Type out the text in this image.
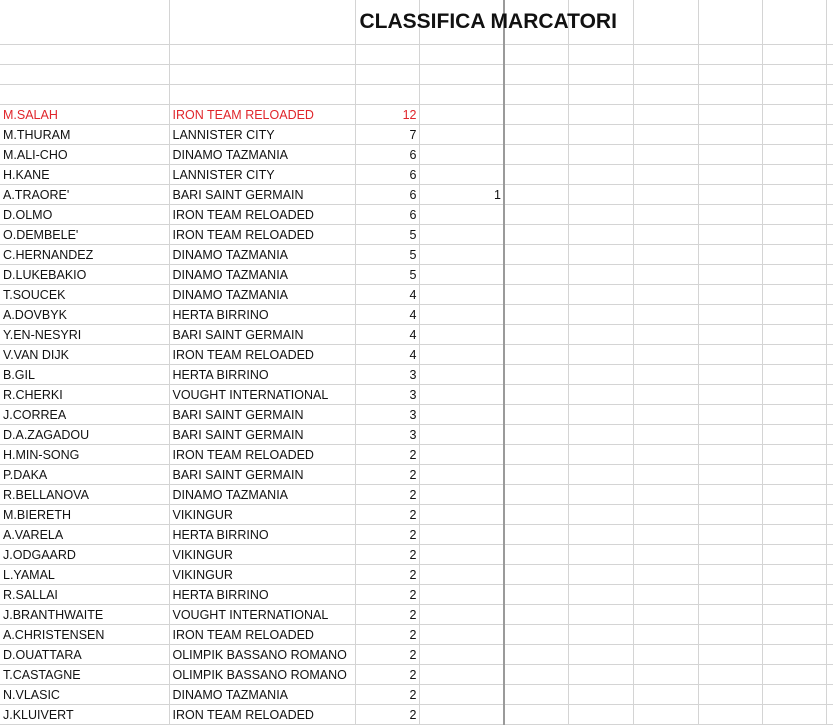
		CLASSIFICA MARCATORI							

M.SALAH	IRON TEAM RELOADED	12							
M.THURAM	LANNISTER CITY	7							
M.ALI-CHO	DINAMO TAZMANIA	6							
H.KANE	LANNISTER CITY	6							
A.TRAORE'	BARI SAINT GERMAIN	6	1						
D.OLMO	IRON TEAM RELOADED	6							
O.DEMBELE'	IRON TEAM RELOADED	5							
C.HERNANDEZ	DINAMO TAZMANIA	5							
D.LUKEBAKIO	DINAMO TAZMANIA	5							
T.SOUCEK	DINAMO TAZMANIA	4							
A.DOVBYK	HERTA BIRRINO	4							
Y.EN-NESYRI	BARI SAINT GERMAIN	4							
V.VAN DIJK	IRON TEAM RELOADED	4							
B.GIL	HERTA BIRRINO	3							
R.CHERKI	VOUGHT INTERNATIONAL	3							
J.CORREA	BARI SAINT GERMAIN	3							
D.A.ZAGADOU	BARI SAINT GERMAIN	3							
H.MIN-SONG	IRON TEAM RELOADED	2							
P.DAKA	BARI SAINT GERMAIN	2							
R.BELLANOVA	DINAMO TAZMANIA	2							
M.BIERETH	VIKINGUR	2							
A.VARELA	HERTA BIRRINO	2							
J.ODGAARD	VIKINGUR	2							
L.YAMAL	VIKINGUR	2							
R.SALLAI	HERTA BIRRINO	2							
J.BRANTHWAITE	VOUGHT INTERNATIONAL	2							
A.CHRISTENSEN	IRON TEAM RELOADED	2							
D.OUATTARA	OLIMPIK BASSANO ROMANO	2							
T.CASTAGNE	OLIMPIK BASSANO ROMANO	2							
N.VLASIC	DINAMO TAZMANIA	2							
J.KLUIVERT	IRON TEAM RELOADED	2							
